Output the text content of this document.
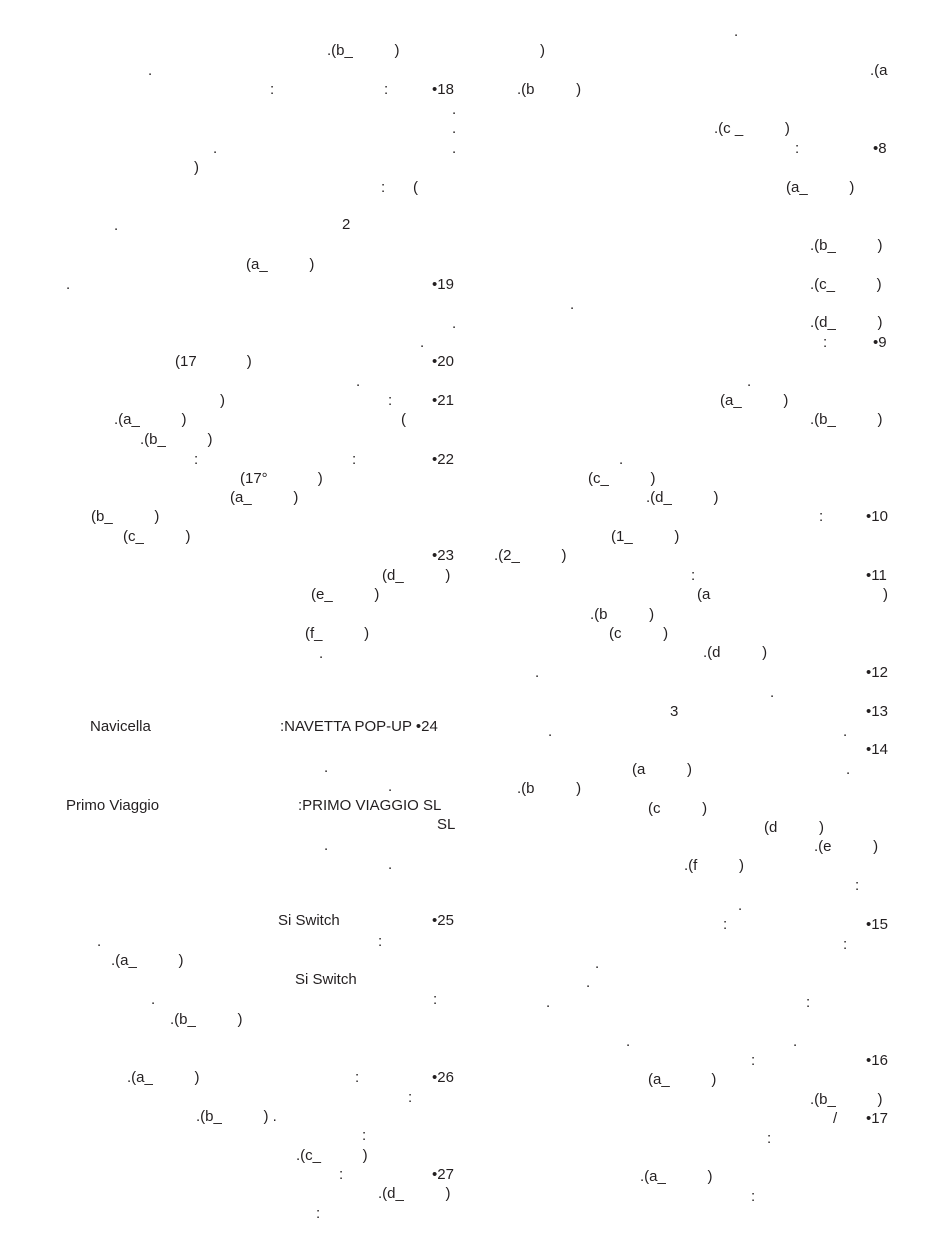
.(b_          )
.
:	:	•18
.
.
.	.
)
: (
.	2
(a_          )
.	•19
.
.
(17            )	•20
.
)	:	•21
.(a_          )	(
.(b_          )
:	:	•22
(17°            )
(a_          )
(b_          )
(c_          )
•23
(d_          )
(e_          )
(f_          )
.
Navicella	:NAVETTA POP-UP •24
.
.
Primo Viaggio	:PRIMO VIAGGIO SL
SL
.
.
Si Switch	•25
.	:
.(a_          )
Si Switch
.	:
.(b_          )
.(a_          )	:	•26
:
.(b_          ) .
:
.(c_          )
:	•27
.(d_          )
:
.
)
.(a
.(b          )
.(c _          )
:	•8
(a_          )
.(b_          )
.(c_          )
.
.(d_          )
:	•9
.
(a_          )
.(b_          )
.
(c_          )
.(d_          )
:	•10
(1_          )
.(2_          )
:	•11
(a	)
.(b          )
(c          )
.(d          )
.	•12
.
3	•13
.	.
•14
(a          )	.
.(b          )
(c          )
(d          )
.(e          )
.(f          )
:
.
:	•15
:
.
.
.	:
.	.
:	•16
(a_          )
.(b_          )
/ •17
:
.(a_          )
:
